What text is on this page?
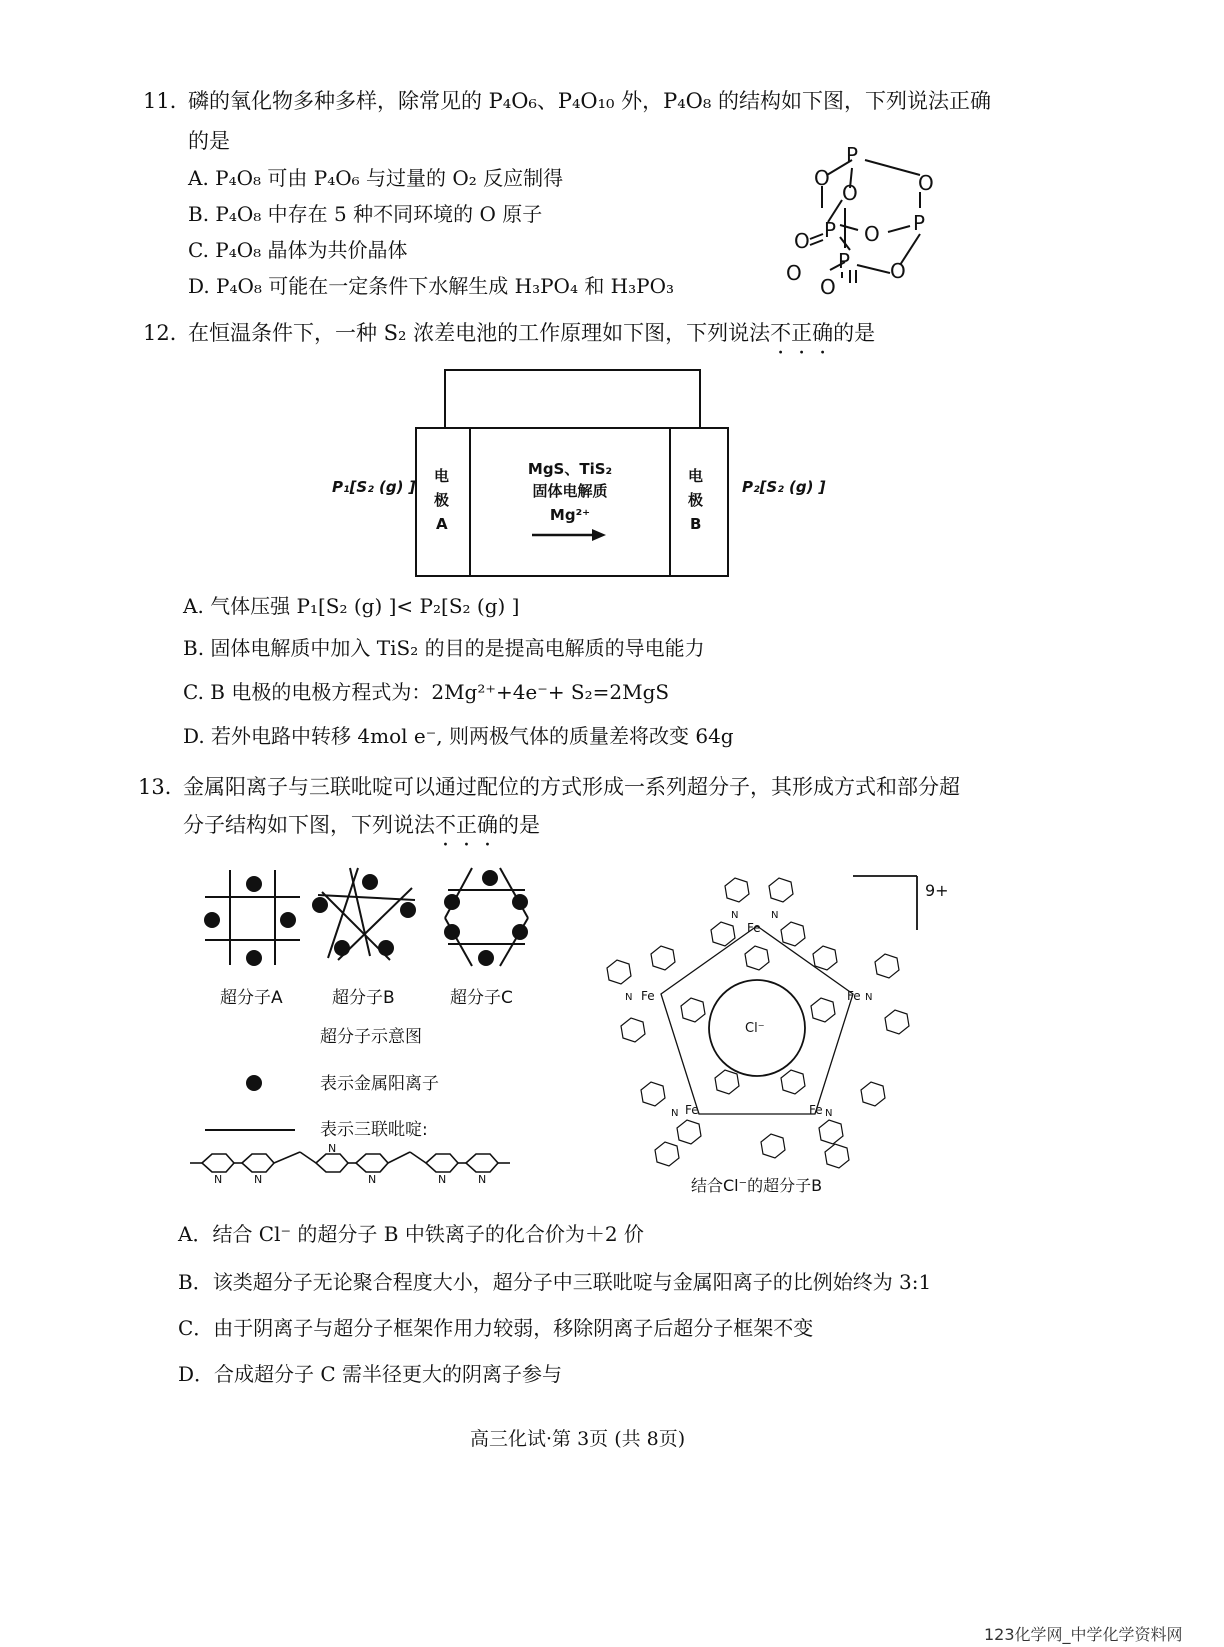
11．
磷的氧化物多种多样，除常见的 P₄O₆、P₄O₁₀ 外，P₄O₈ 的结构如下图，下列说法正确
的是
A. P₄O₈ 可由 P₄O₆ 与过量的 O₂ 反应制得
B. P₄O₈ 中存在 5 种不同环境的 O 原子
C. P₄O₈ 晶体为共价晶体
D. P₄O₈ 可能在一定条件下水解生成 H₃PO₄ 和 H₃PO₃
P
O
O	O
P
O	O P
P
O	O
O
12．
在恒温条件下，一种 S₂ 浓差电池的工作原理如下图，下列说法不正确的是
P₁[S₂ (g) ]	P₂[S₂ (g) ]
电
极
A
电
极
B
MgS、TiS₂
固体电解质
Mg²⁺
A. 气体压强 P₁[S₂ (g) ]< P₂[S₂ (g) ]
B. 固体电解质中加入 TiS₂ 的目的是提高电解质的导电能力
C. B 电极的电极方程式为：2Mg²⁺+4e⁻+ S₂=2MgS
D. 若外电路中转移 4mol e⁻, 则两极气体的质量差将改变 64g
13．
金属阳离子与三联吡啶可以通过配位的方式形成一系列超分子，其形成方式和部分超
分子结构如下图，下列说法不正确的是
超分子A	超分子B	超分子C
超分子示意图
表示金属阳离子
表示三联吡啶:
N	N
N
N	N	N
9+
Cl⁻
Fe
Fe	Fe
Fe	Fe
N	N
N	N
N	N
结合Cl⁻的超分子B
A．结合 Cl⁻ 的超分子 B 中铁离子的化合价为＋2 价
B．该类超分子无论聚合程度大小，超分子中三联吡啶与金属阳离子的比例始终为 3:1
C．由于阴离子与超分子框架作用力较弱，移除阴离子后超分子框架不变
D．合成超分子 C 需半径更大的阴离子参与
高三化试·第 3页 (共 8页)
123化学网_中学化学资料网
